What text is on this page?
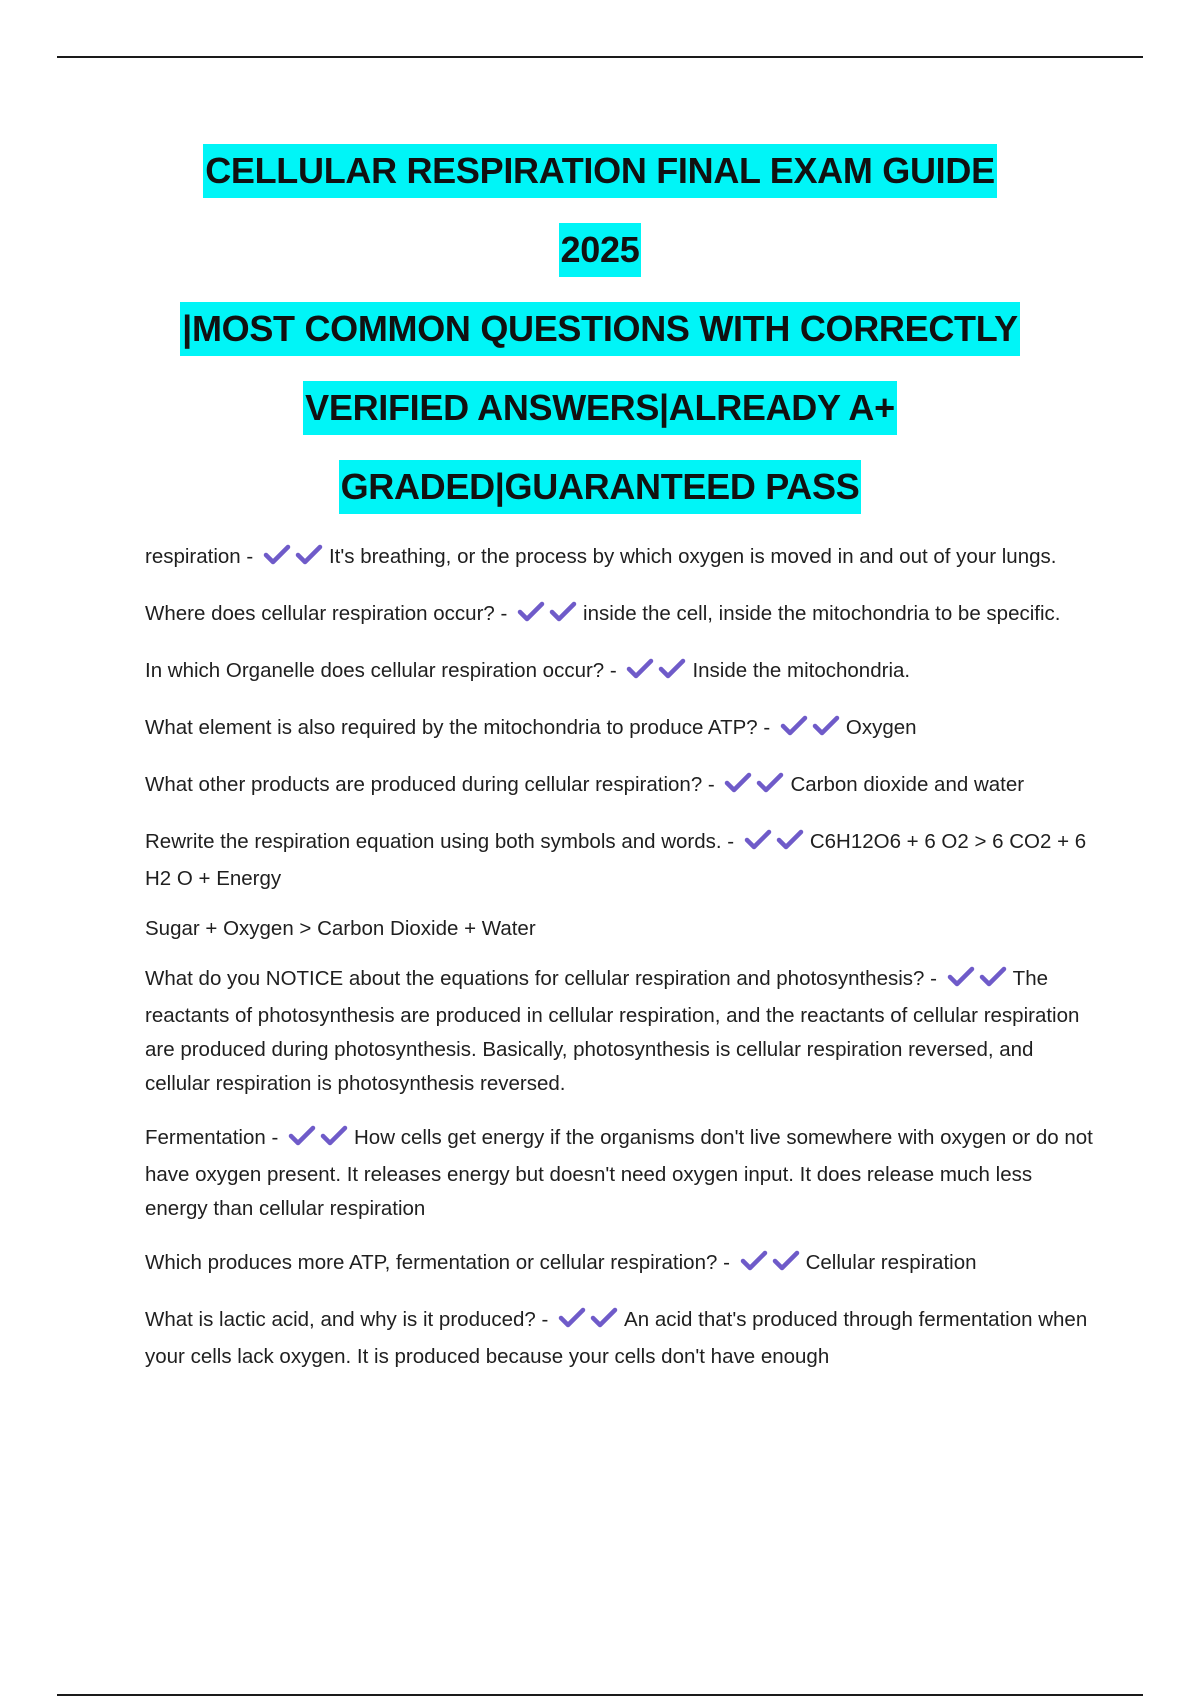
CELLULAR RESPIRATION FINAL EXAM GUIDE
2025
|MOST COMMON QUESTIONS WITH CORRECTLY
VERIFIED ANSWERS|ALREADY A+
GRADED|GUARANTEED PASS

respiration -	It's breathing, or the process by which oxygen is moved in and out of your lungs.

Where does cellular respiration occur? -	inside the cell, inside the mitochondria to be specific.

In which Organelle does cellular respiration occur? -	Inside the mitochondria.

What element is also required by the mitochondria to produce ATP? -	Oxygen

What other products are produced during cellular respiration? -	Carbon dioxide and water

Rewrite the respiration equation using both symbols and words. -	C6H12O6 + 6 O2 > 6 CO2 + 6 H2 O + Energy

Sugar + Oxygen > Carbon Dioxide + Water

What do you NOTICE about the equations for cellular respiration and photosynthesis? -	The reactants of photosynthesis are produced in cellular respiration, and the reactants of cellular respiration are produced during photosynthesis. Basically, photosynthesis is cellular respiration reversed, and cellular respiration is photosynthesis reversed.

Fermentation -	How cells get energy if the organisms don't live somewhere with oxygen or do not have oxygen present. It releases energy but doesn't need oxygen input. It does release much less energy than cellular respiration

Which produces more ATP, fermentation or cellular respiration? -	Cellular respiration

What is lactic acid, and why is it produced? -	An acid that's produced through fermentation when your cells lack oxygen. It is produced because your cells don't have enough
